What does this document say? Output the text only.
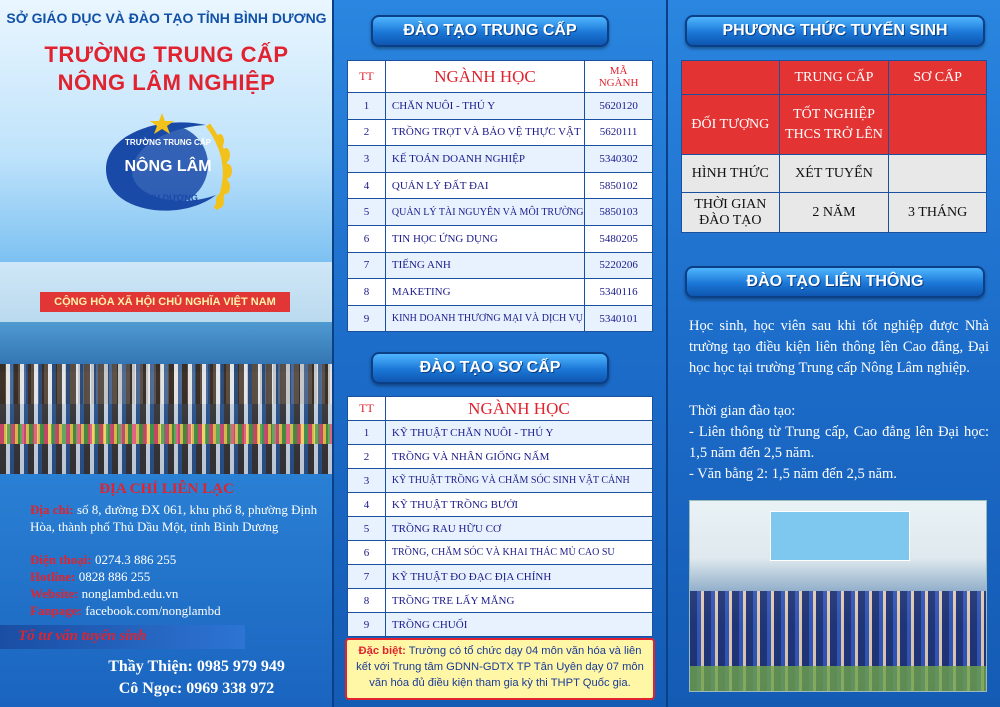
SỞ GIÁO DỤC VÀ ĐÀO TẠO TỈNH BÌNH DƯƠNG
TRƯỜNG TRUNG CẤP
NÔNG LÂM NGHIỆP
TRƯỜNG TRUNG CẤP
NÔNG LÂM
BÌNH DƯƠNG
CỘNG HÒA XÃ HỘI CHỦ NGHĨA VIỆT NAM
ĐỊA CHỈ LIÊN LẠC
Địa chỉ: số 8, đường ĐX 061, khu phố 8, phường Định Hòa, thành phố Thủ Dầu Một, tỉnh Bình Dương
Điện thoại: 0274.3 886 255
Hotline: 0828 886 255
Website: nonglambd.edu.vn
Fanpage: facebook.com/nonglambd
Tổ tư vấn tuyển sinh
Thầy Thiện: 0985 979 949
Cô Ngọc: 0969 338 972
ĐÀO TẠO TRUNG CẤP
TT	NGÀNH HỌC	MÃ
NGÀNH
1	CHĂN NUÔI - THÚ Y	5620120
2	TRỒNG TRỌT VÀ BẢO VỆ THỰC VẬT	5620111
3	KẾ TOÁN DOANH NGHIỆP	5340302
4	QUẢN LÝ ĐẤT ĐAI	5850102
5	QUẢN LÝ TÀI NGUYÊN VÀ MÔI TRƯỜNG	5850103
6	TIN HỌC ỨNG DỤNG	5480205
7	TIẾNG ANH	5220206
8	MAKETING	5340116
9	KINH DOANH THƯƠNG MẠI VÀ DỊCH VỤ	5340101
ĐÀO TẠO SƠ CẤP
TT	NGÀNH HỌC
1	KỸ THUẬT CHĂN NUÔI - THÚ Y
2	TRỒNG VÀ NHÂN GIỐNG NẤM
3	KỸ THUẬT TRỒNG VÀ CHĂM SÓC SINH VẬT CẢNH
4	KỸ THUẬT TRỒNG BƯỞI
5	TRỒNG RAU HỮU CƠ
6	TRỒNG, CHĂM SÓC VÀ KHAI THÁC MỦ CAO SU
7	KỸ THUẬT ĐO ĐẠC ĐỊA CHÍNH
8	TRỒNG TRE LẤY MĂNG
9	TRỒNG CHUỐI
Đặc biệt: Trường có tổ chức dạy 04 môn văn hóa và liên kết với Trung tâm GDNN-GDTX TP Tân Uyên dạy 07 môn văn hóa đủ điều kiện tham gia kỳ thi THPT Quốc gia.
PHƯƠNG THỨC TUYỂN SINH
	TRUNG CẤP	SƠ CẤP
ĐỐI TƯỢNG	TỐT NGHIỆP THCS TRỞ LÊN	
HÌNH THỨC	XÉT TUYỂN	
THỜI GIAN ĐÀO TẠO	2 NĂM	3 THÁNG
ĐÀO TẠO LIÊN THÔNG
Học sinh, học viên sau khi tốt nghiệp được Nhà trường tạo điều kiện liên thông lên Cao đẳng, Đại học học tại trường Trung cấp Nông Lâm nghiệp.
Thời gian đào tạo:
- Liên thông từ Trung cấp, Cao đẳng lên Đại học: 1,5 năm đến 2,5 năm.
- Văn bằng 2: 1,5 năm đến 2,5 năm.
